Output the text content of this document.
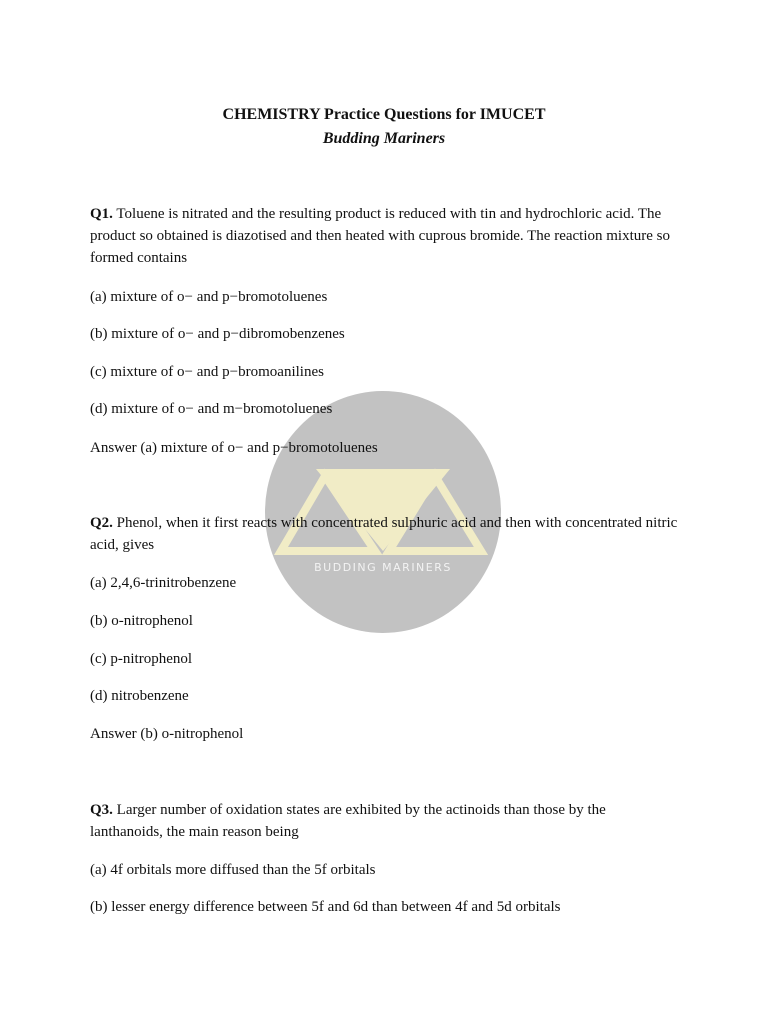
BUDDING MARINERS
CHEMISTRY Practice Questions for IMUCET
Budding Mariners
Q1. Toluene is nitrated and the resulting product is reduced with tin and hydrochloric acid. The product so obtained is diazotised and then heated with cuprous bromide. The reaction mixture so formed contains
(a) mixture of o− and p−bromotoluenes
(b) mixture of o− and p−dibromobenzenes
(c) mixture of o− and p−bromoanilines
(d) mixture of o− and m−bromotoluenes
Answer (a) mixture of o− and p−bromotoluenes
Q2. Phenol, when it first reacts with concentrated sulphuric acid and then with concentrated nitric acid, gives
(a) 2,4,6-trinitrobenzene
(b) o-nitrophenol
(c) p-nitrophenol
(d) nitrobenzene
Answer (b) o-nitrophenol
Q3. Larger number of oxidation states are exhibited by the actinoids than those by the lanthanoids, the main reason being
(a) 4f orbitals more diffused than the 5f orbitals
(b) lesser energy difference between 5f and 6d than between 4f and 5d orbitals
